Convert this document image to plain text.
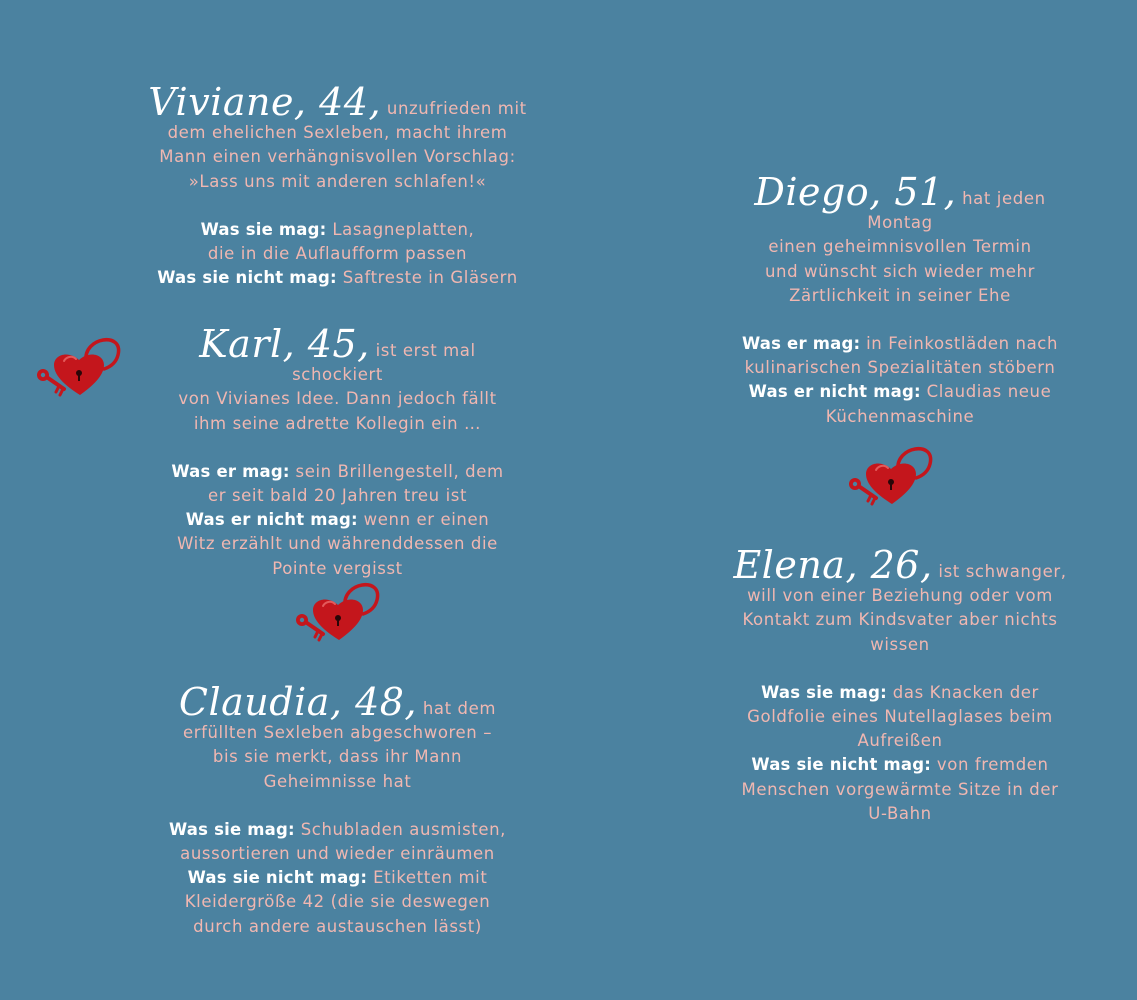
Viviane, 44, unzufrieden mit
dem ehelichen Sexleben, macht ihrem
Mann einen verhängnisvollen Vorschlag:
»Lass uns mit anderen schlafen!«
Was sie mag: Lasagneplatten,
die in die Auflaufform passen
Was sie nicht mag: Saftreste in Gläsern
Karl, 45, ist erst mal schockiert
von Vivianes Idee. Dann jedoch fällt
ihm seine adrette Kollegin ein …
Was er mag: sein Brillengestell, dem
er seit bald 20 Jahren treu ist
Was er nicht mag: wenn er einen
Witz erzählt und währenddessen die
Pointe vergisst
Claudia, 48, hat dem
erfüllten Sexleben abgeschworen –
bis sie merkt, dass ihr Mann
Geheimnisse hat
Was sie mag: Schubladen ausmisten,
aussortieren und wieder einräumen
Was sie nicht mag: Etiketten mit
Kleidergröße 42 (die sie deswegen
durch andere austauschen lässt)
Diego, 51, hat jeden Montag
einen geheimnisvollen Termin
und wünscht sich wieder mehr
Zärtlichkeit in seiner Ehe
Was er mag: in Feinkostläden nach
kulinarischen Spezialitäten stöbern
Was er nicht mag: Claudias neue
Küchenmaschine
Elena, 26, ist schwanger,
will von einer Beziehung oder vom
Kontakt zum Kindsvater aber nichts
wissen
Was sie mag: das Knacken der
Goldfolie eines Nutellaglases beim
Aufreißen
Was sie nicht mag: von fremden
Menschen vorgewärmte Sitze in der
U-Bahn
